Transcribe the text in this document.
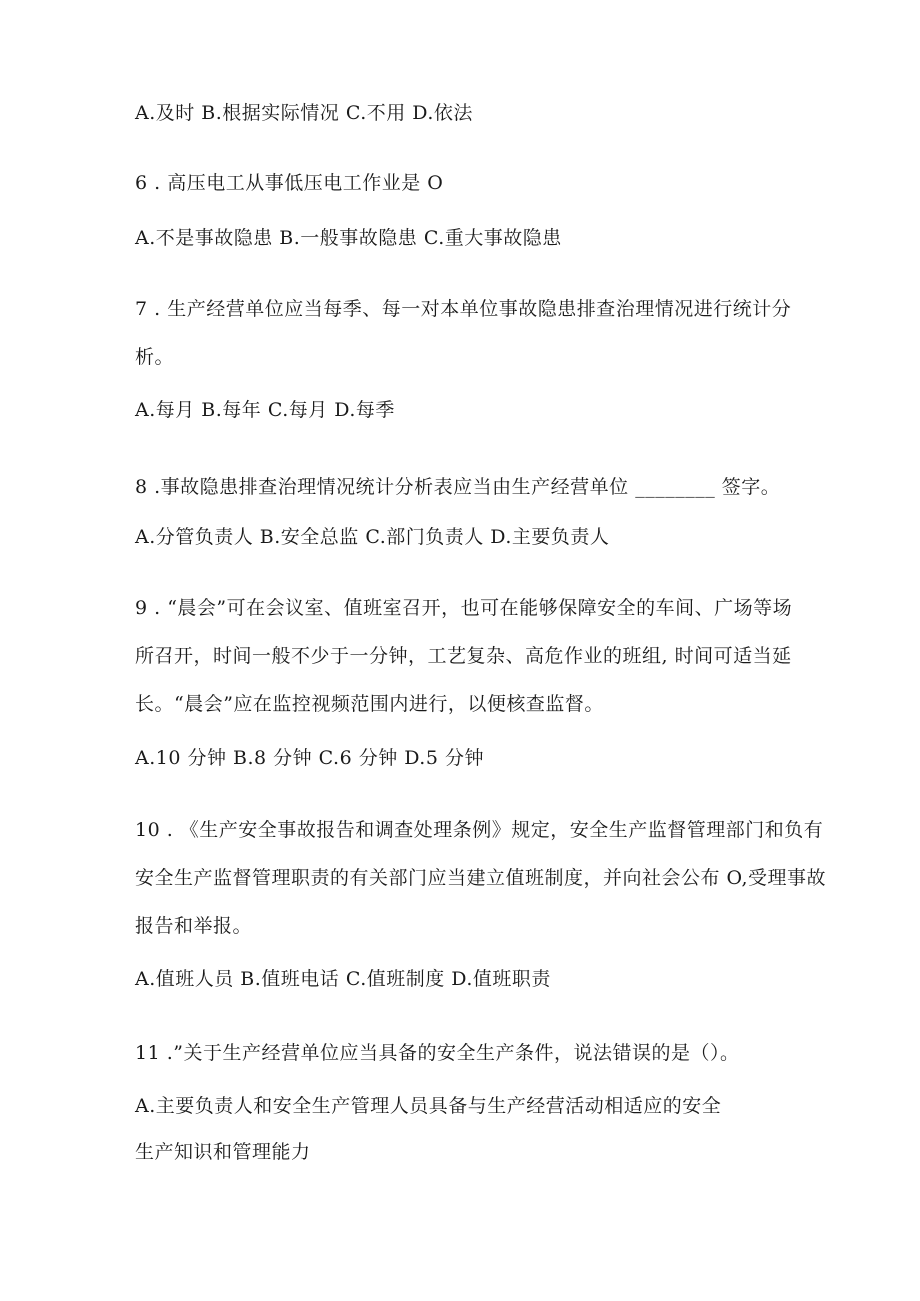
A.及时 B.根据实际情况 C.不用 D.依法
6 . 高压电工从事低压电工作业是 O
A.不是事故隐患 B.一般事故隐患 C.重大事故隐患
7 . 生产经营单位应当每季、每一对本单位事故隐患排查治理情况进行统计分
析。
A.每月 B.每年 C.每月 D.每季
8 .事故隐患排查治理情况统计分析表应当由生产经营单位 ________ 签字。
A.分管负责人 B.安全总监 C.部门负责人 D.主要负责人
9 . “晨会”可在会议室、值班室召开，也可在能够保障安全的车间、广场等场
所召开，时间一般不少于一分钟，工艺复杂、高危作业的班组, 时间可适当延
长。“晨会”应在监控视频范围内进行，以便核查监督。
A.10 分钟 B.8 分钟 C.6 分钟 D.5 分钟
10 . 《生产安全事故报告和调查处理条例》规定，安全生产监督管理部门和负有
安全生产监督管理职责的有关部门应当建立值班制度，并向社会公布 O,受理事故
报告和举报。
A.值班人员 B.值班电话 C.值班制度 D.值班职责
11 .”关于生产经营单位应当具备的安全生产条件，说法错误的是（）。
A.主要负责人和安全生产管理人员具备与生产经营活动相适应的安全
生产知识和管理能力
